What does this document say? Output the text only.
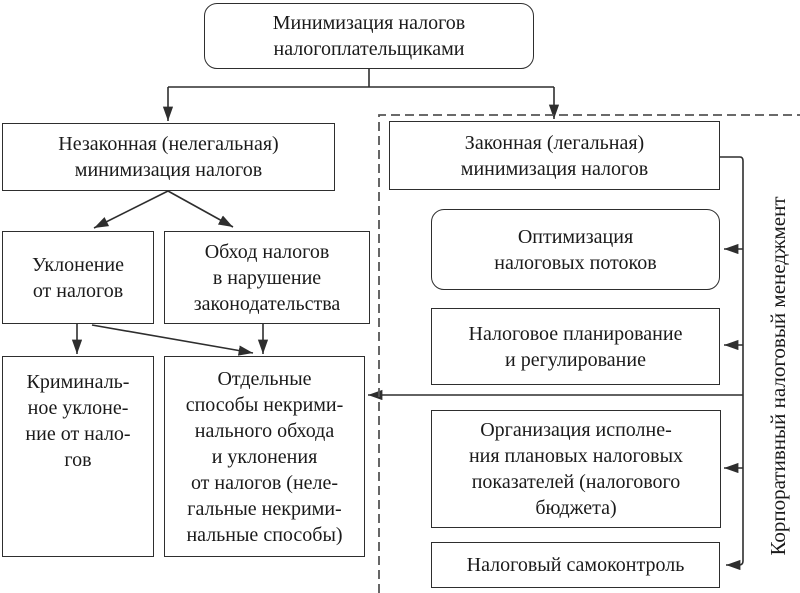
Минимизация налогов
налогоплательщиками
Незаконная (нелегальная)
минимизация налогов
Уклонение
от налогов
Обход налогов
в нарушение
законодательства
Криминаль-
ное уклоне-
ние от нало-
гов
Отдельные
способы некрими-
нального обхода
и уклонения
от налогов (неле-
гальные некрими-
нальные способы)
Законная (легальная)
минимизация налогов
Оптимизация
налоговых потоков
Налоговое планирование
и регулирование
Организация исполне-
ния плановых налоговых
показателей (налогового
бюджета)
Налоговый самоконтроль
Корпоративный налоговый менеджмент
